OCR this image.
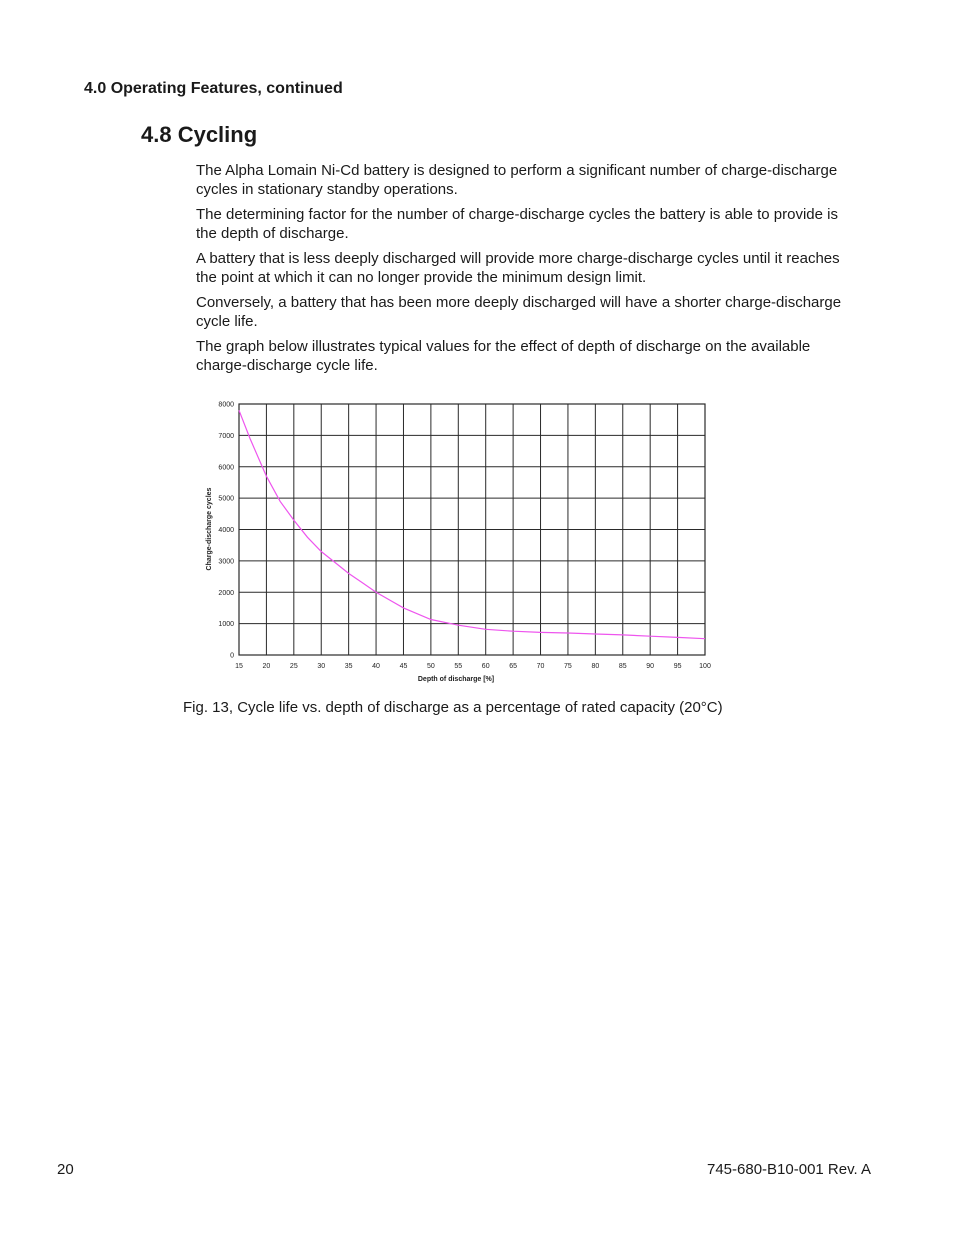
4.0 Operating Features, continued
4.8 Cycling

The Alpha Lomain Ni-Cd battery is designed to perform a significant number of charge-discharge cycles in stationary standby operations.

The determining factor for the number of charge-discharge cycles the battery is able to provide is the depth of discharge.

A battery that is less deeply discharged will provide more charge-discharge cycles until it reaches the point at which it can no longer provide the minimum design limit.

Conversely, a battery that has been more deeply discharged will have a shorter charge-discharge cycle life.

The graph below illustrates typical values for the effect of depth of discharge on the available charge-discharge cycle life.

15	20	25	30	35	40	45	50	55	60	65	70	75	80	85	90	95	100
0
1000
2000
3000
4000
5000
6000
7000
8000
Depth of discharge [%]
Charge-discharge cycles

Fig. 13, Cycle life vs. depth of discharge as a percentage of rated capacity (20°C)

20	745-680-B10-001 Rev. A
